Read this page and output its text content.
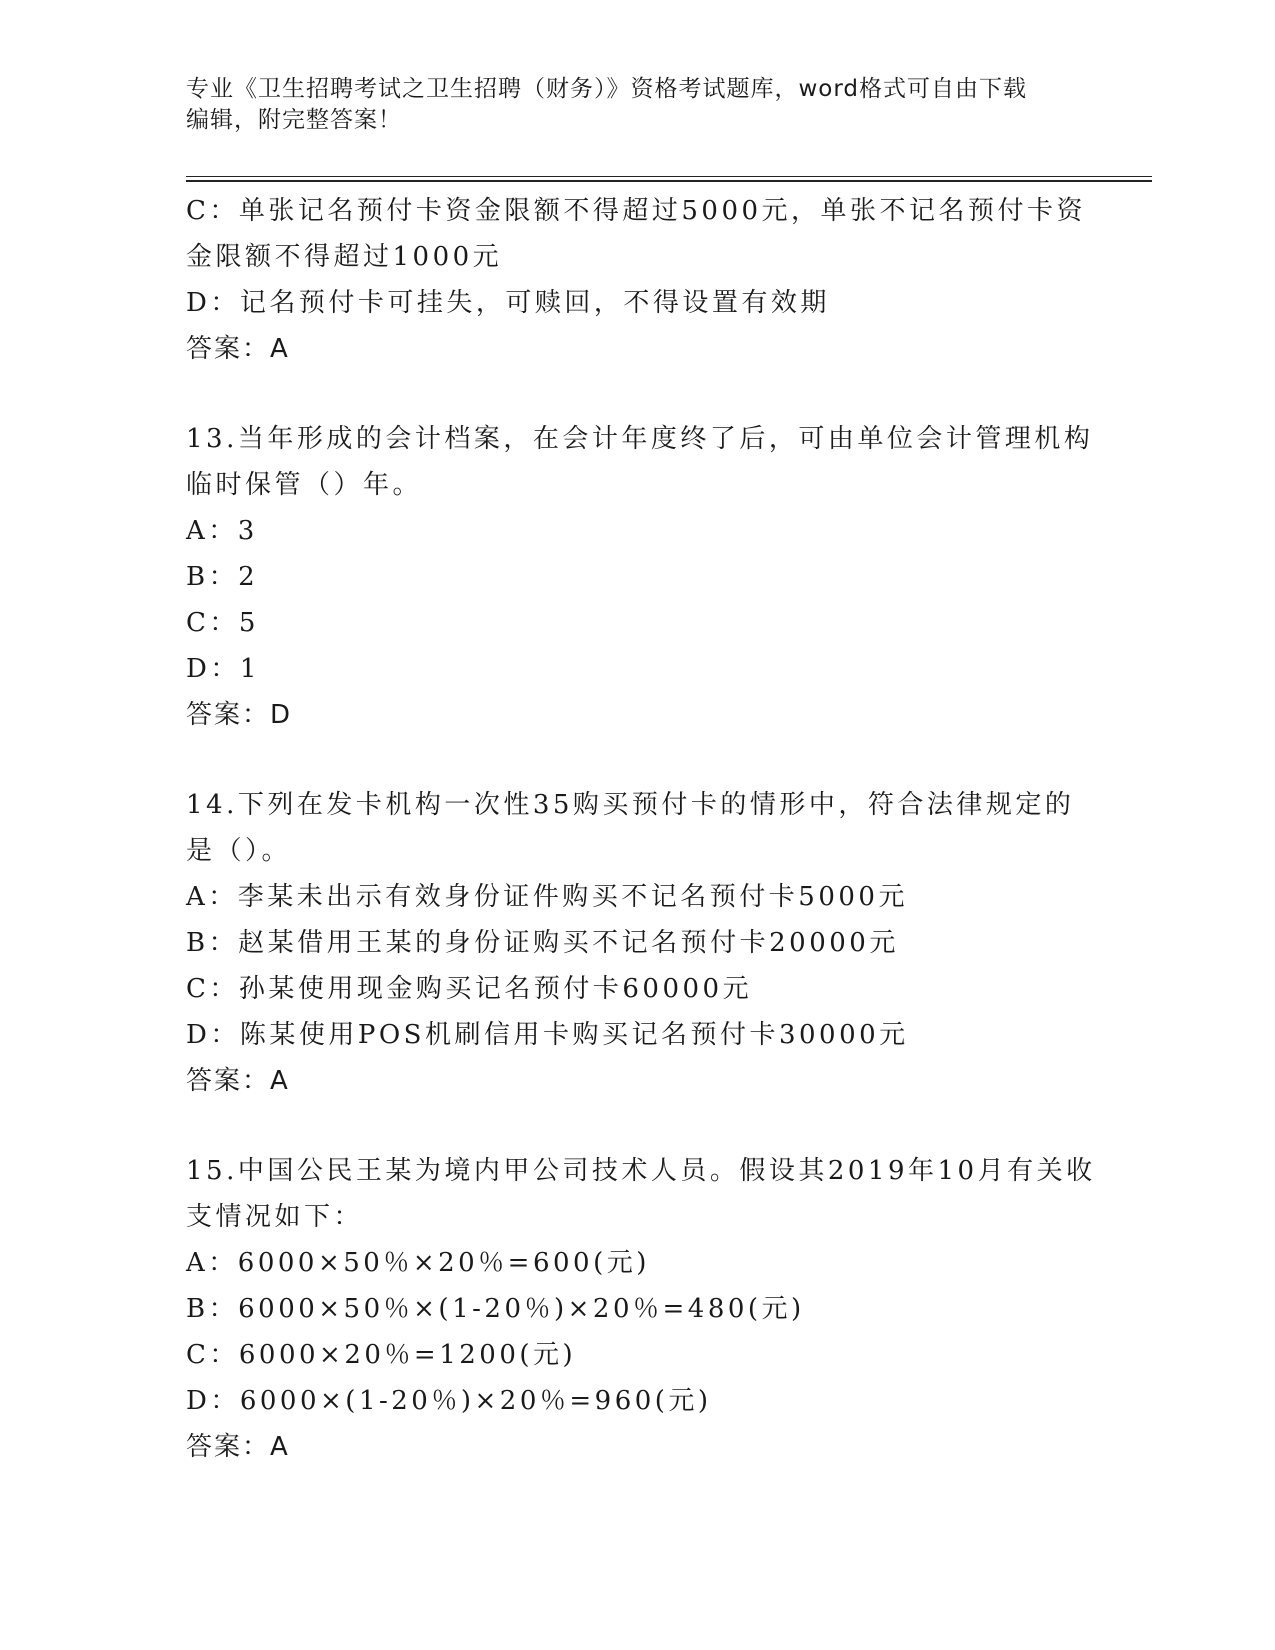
专业《卫生招聘考试之卫生招聘（财务）》资格考试题库，word格式可自由下载
编辑，附完整答案！
C：单张记名预付卡资金限额不得超过5000元，单张不记名预付卡资
金限额不得超过1000元
D：记名预付卡可挂失，可赎回，不得设置有效期
答案：A
13.当年形成的会计档案，在会计年度终了后，可由单位会计管理机构
临时保管（）年。
A：3
B：2
C：5
D：1
答案：D
14.下列在发卡机构一次性35购买预付卡的情形中，符合法律规定的
是（）。
A：李某未出示有效身份证件购买不记名预付卡5000元
B：赵某借用王某的身份证购买不记名预付卡20000元
C：孙某使用现金购买记名预付卡60000元
D：陈某使用POS机刷信用卡购买记名预付卡30000元
答案：A
15.中国公民王某为境内甲公司技术人员。假设其2019年10月有关收
支情况如下：
A：6000×50％×20％=600(元)
B：6000×50％×(1-20％)×20％=480(元)
C：6000×20％=1200(元)
D：6000×(1-20％)×20％=960(元)
答案：A
